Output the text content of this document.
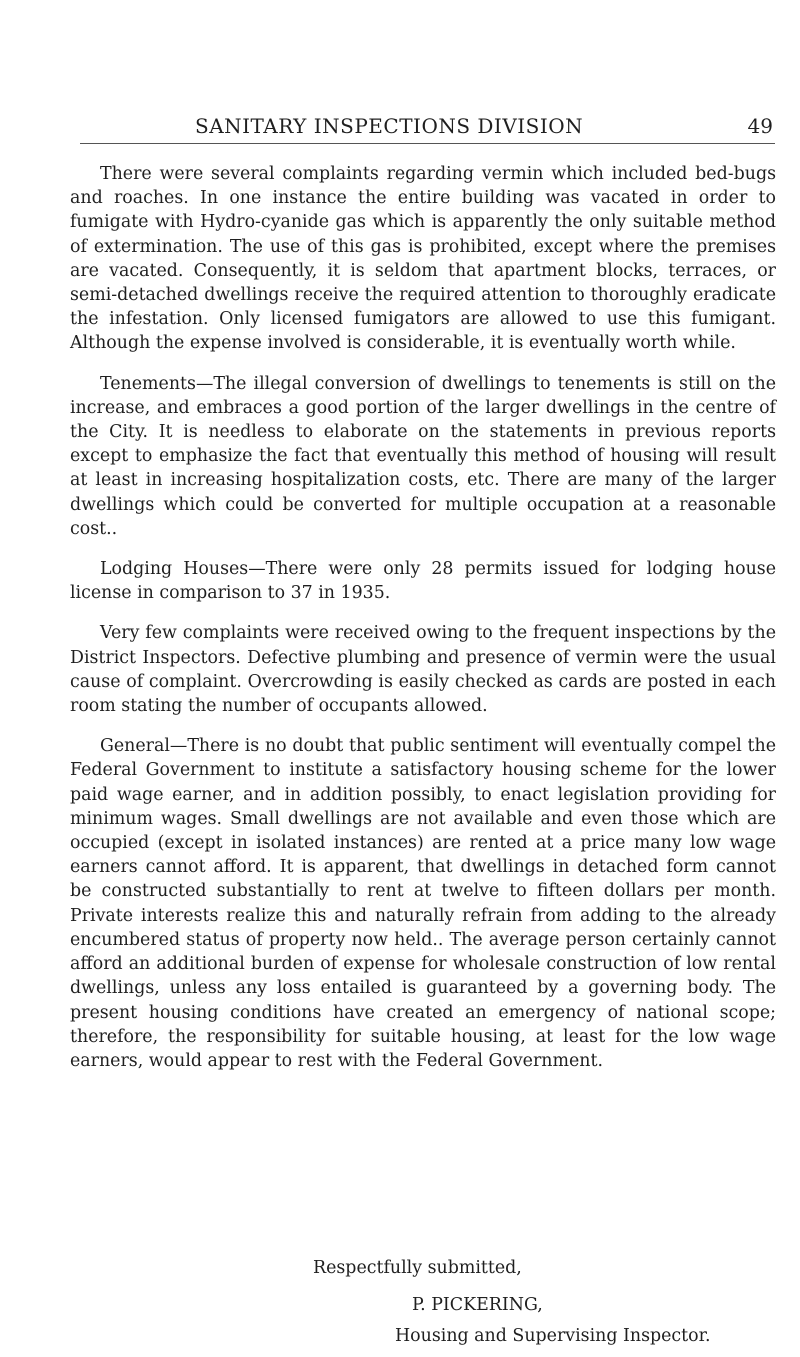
SANITARY INSPECTIONS DIVISION	49

There were several complaints regarding vermin which included bed-bugs and roaches. In one instance the entire building was vacated in order to fumigate with Hydro-cyanide gas which is apparently the only suitable method of extermination. The use of this gas is prohibited, except where the premises are vacated. Consequently, it is seldom that apartment blocks, terraces, or semi-detached dwellings receive the required attention to thoroughly eradicate the infestation. Only licensed fumigators are allowed to use this fumigant. Although the expense involved is considerable, it is eventually worth while.

Tenements—The illegal conversion of dwellings to tenements is still on the increase, and embraces a good portion of the larger dwellings in the centre of the City. It is needless to elaborate on the statements in previous reports except to emphasize the fact that eventually this method of housing will result at least in increasing hospitalization costs, etc. There are many of the larger dwellings which could be converted for multiple occupation at a reasonable cost..

Lodging Houses—There were only 28 permits issued for lodging house license in comparison to 37 in 1935.

Very few complaints were received owing to the frequent inspections by the District Inspectors. Defective plumbing and presence of vermin were the usual cause of complaint. Overcrowding is easily checked as cards are posted in each room stating the number of occupants allowed.

General—There is no doubt that public sentiment will eventually compel the Federal Government to institute a satisfactory housing scheme for the lower paid wage earner, and in addition possibly, to enact legislation providing for minimum wages. Small dwellings are not available and even those which are occupied (except in isolated instances) are rented at a price many low wage earners cannot afford. It is apparent, that dwellings in detached form cannot be constructed substantially to rent at twelve to fifteen dollars per month. Private interests realize this and naturally refrain from adding to the already encumbered status of property now held.. The average person certainly cannot afford an additional burden of expense for wholesale construction of low rental dwellings, unless any loss entailed is guaranteed by a governing body. The present housing conditions have created an emergency of national scope; therefore, the responsibility for suitable housing, at least for the low wage earners, would appear to rest with the Federal Government.

Respectfully submitted,
P. PICKERING,
Housing and Supervising Inspector.
